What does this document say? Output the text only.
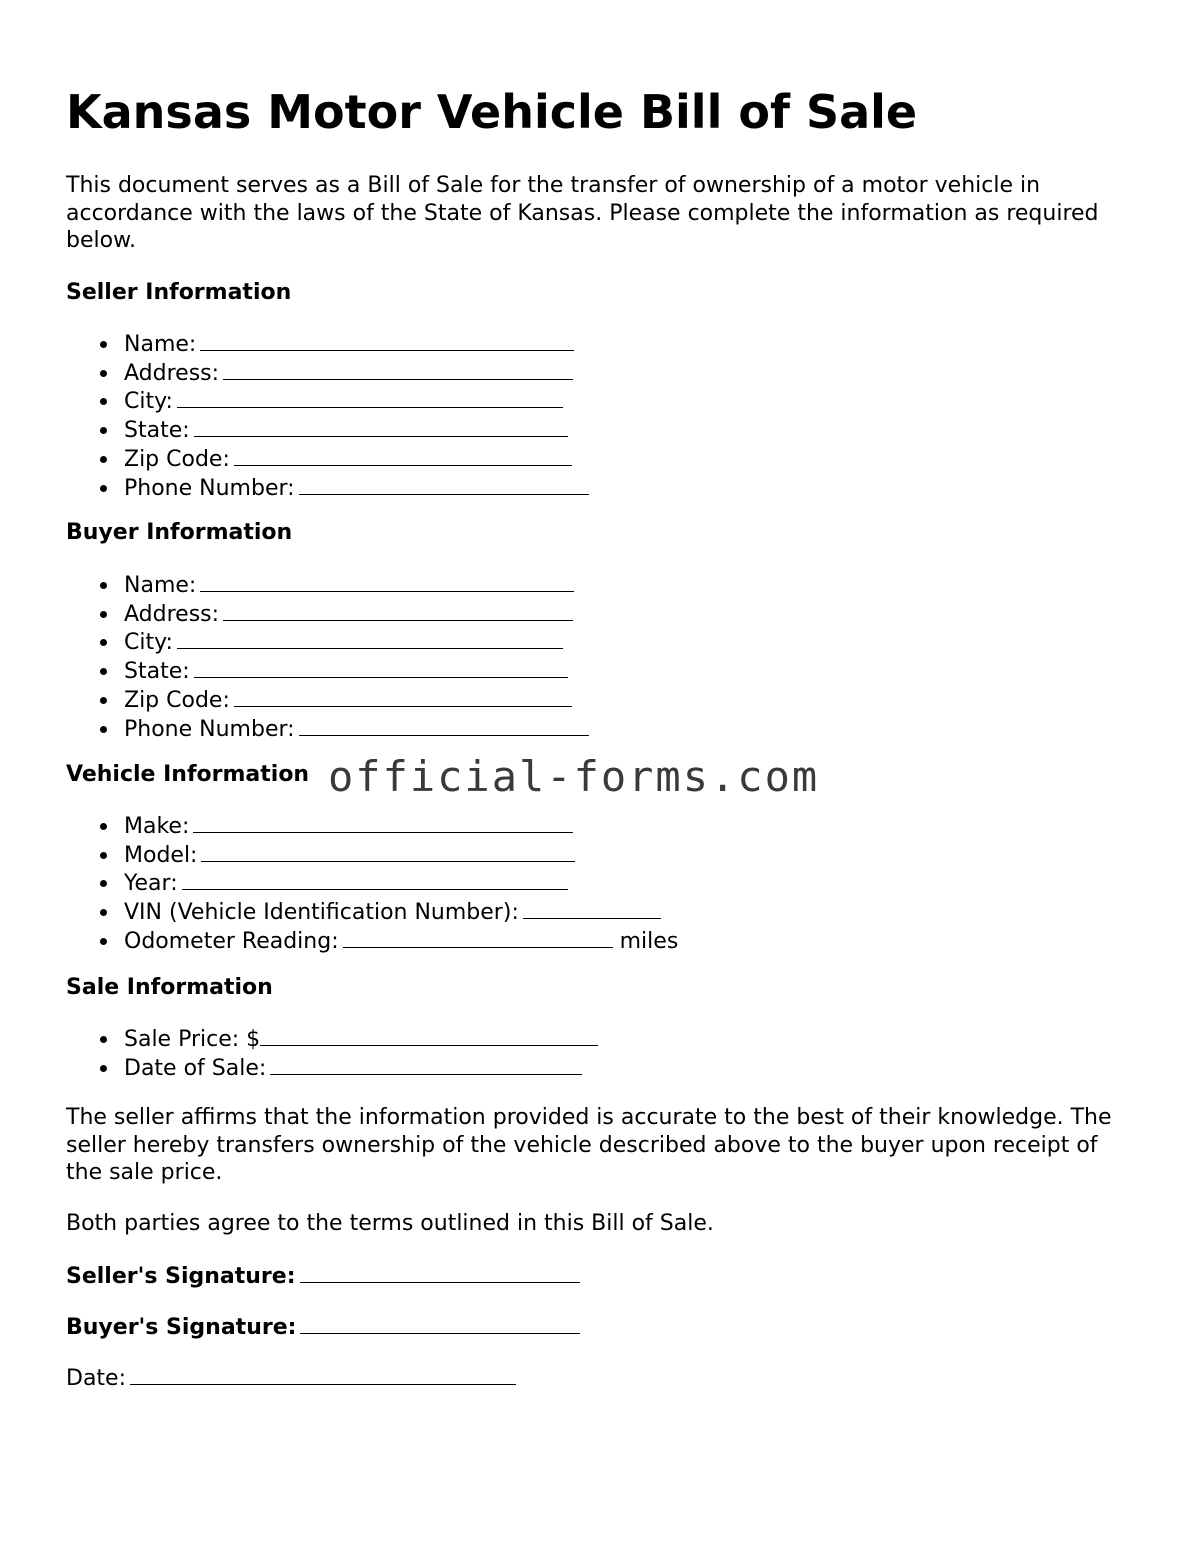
Kansas Motor Vehicle Bill of Sale

This document serves as a Bill of Sale for the transfer of ownership of a motor vehicle in accordance with the laws of the State of Kansas. Please complete the information as required below.

Seller Information

Name:
Address:
City:
State:
Zip Code:
Phone Number:

Buyer Information

Name:
Address:
City:
State:
Zip Code:
Phone Number:

Vehicle Information

Make:
Model:
Year:
VIN (Vehicle Identification Number):
Odometer Reading:	miles

Sale Information

Sale Price: $
Date of Sale:

The seller affirms that the information provided is accurate to the best of their knowledge. The seller hereby transfers ownership of the vehicle described above to the buyer upon receipt of the sale price.

Both parties agree to the terms outlined in this Bill of Sale.

Seller's Signature:

Buyer's Signature:

Date:

official-forms.com
